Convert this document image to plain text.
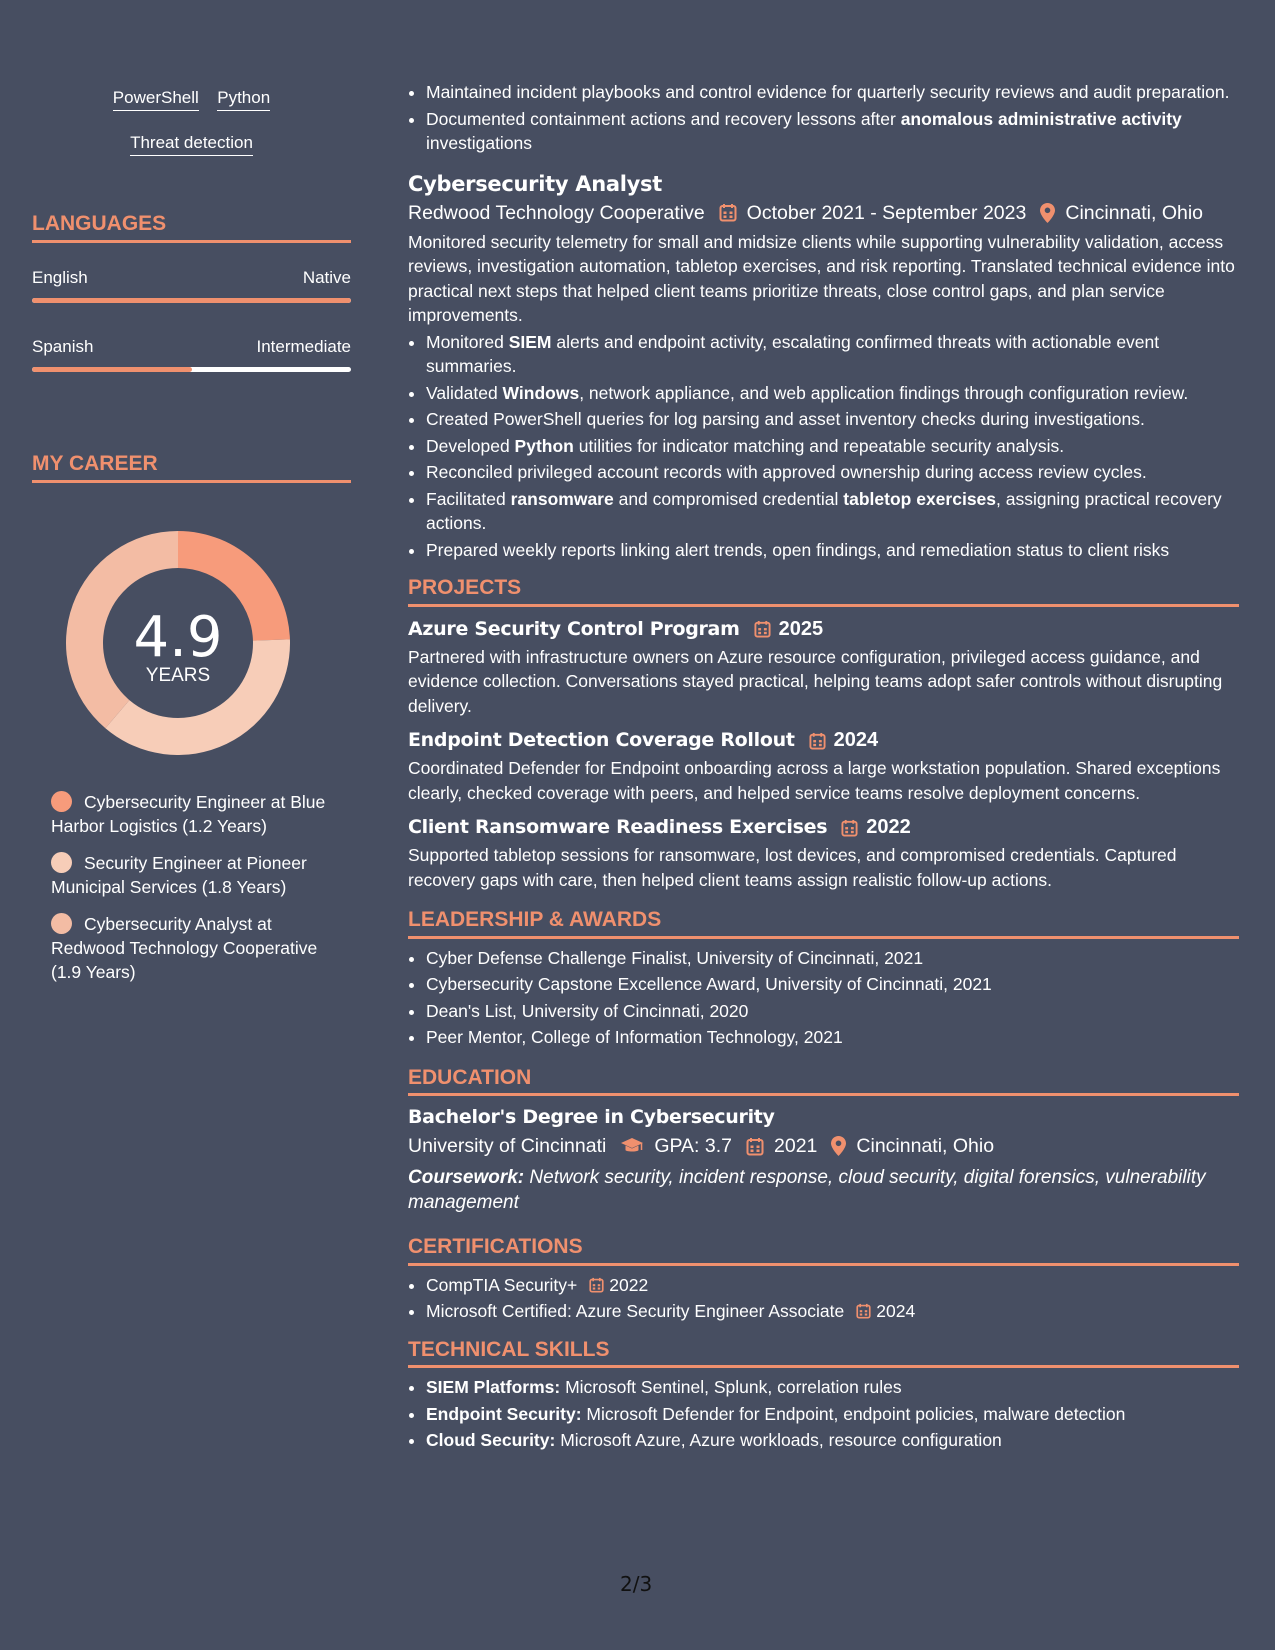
PowerShell Python
Threat detection
LANGUAGES
English	Native
Spanish	Intermediate
MY CAREER
4.9
YEARS
Cybersecurity Engineer at Blue Harbor Logistics (1.2 Years)
Security Engineer at Pioneer Municipal Services (1.8 Years)
Cybersecurity Analyst at Redwood Technology Cooperative (1.9 Years)
• Maintained incident playbooks and control evidence for quarterly security reviews and audit preparation.
• Documented containment actions and recovery lessons after anomalous administrative activity investigations
Cybersecurity Analyst
Redwood Technology Cooperative October 2021 - September 2023 Cincinnati, Ohio
Monitored security telemetry for small and midsize clients while supporting vulnerability validation, access reviews, investigation automation, tabletop exercises, and risk reporting. Translated technical evidence into practical next steps that helped client teams prioritize threats, close control gaps, and plan service improvements.
• Monitored SIEM alerts and endpoint activity, escalating confirmed threats with actionable event summaries.
• Validated Windows, network appliance, and web application findings through configuration review.
• Created PowerShell queries for log parsing and asset inventory checks during investigations.
• Developed Python utilities for indicator matching and repeatable security analysis.
• Reconciled privileged account records with approved ownership during access review cycles.
• Facilitated ransomware and compromised credential tabletop exercises, assigning practical recovery actions.
• Prepared weekly reports linking alert trends, open findings, and remediation status to client risks
PROJECTS
Azure Security Control Program 2025
Partnered with infrastructure owners on Azure resource configuration, privileged access guidance, and evidence collection. Conversations stayed practical, helping teams adopt safer controls without disrupting delivery.
Endpoint Detection Coverage Rollout 2024
Coordinated Defender for Endpoint onboarding across a large workstation population. Shared exceptions clearly, checked coverage with peers, and helped service teams resolve deployment concerns.
Client Ransomware Readiness Exercises 2022
Supported tabletop sessions for ransomware, lost devices, and compromised credentials. Captured recovery gaps with care, then helped client teams assign realistic follow-up actions.
LEADERSHIP & AWARDS
• Cyber Defense Challenge Finalist, University of Cincinnati, 2021
• Cybersecurity Capstone Excellence Award, University of Cincinnati, 2021
• Dean's List, University of Cincinnati, 2020
• Peer Mentor, College of Information Technology, 2021
EDUCATION
Bachelor's Degree in Cybersecurity
University of Cincinnati GPA: 3.7 2021 Cincinnati, Ohio
Coursework: Network security, incident response, cloud security, digital forensics, vulnerability management
CERTIFICATIONS
• CompTIA Security+ 2022
• Microsoft Certified: Azure Security Engineer Associate 2024
TECHNICAL SKILLS
• SIEM Platforms: Microsoft Sentinel, Splunk, correlation rules
• Endpoint Security: Microsoft Defender for Endpoint, endpoint policies, malware detection
• Cloud Security: Microsoft Azure, Azure workloads, resource configuration
2/3
